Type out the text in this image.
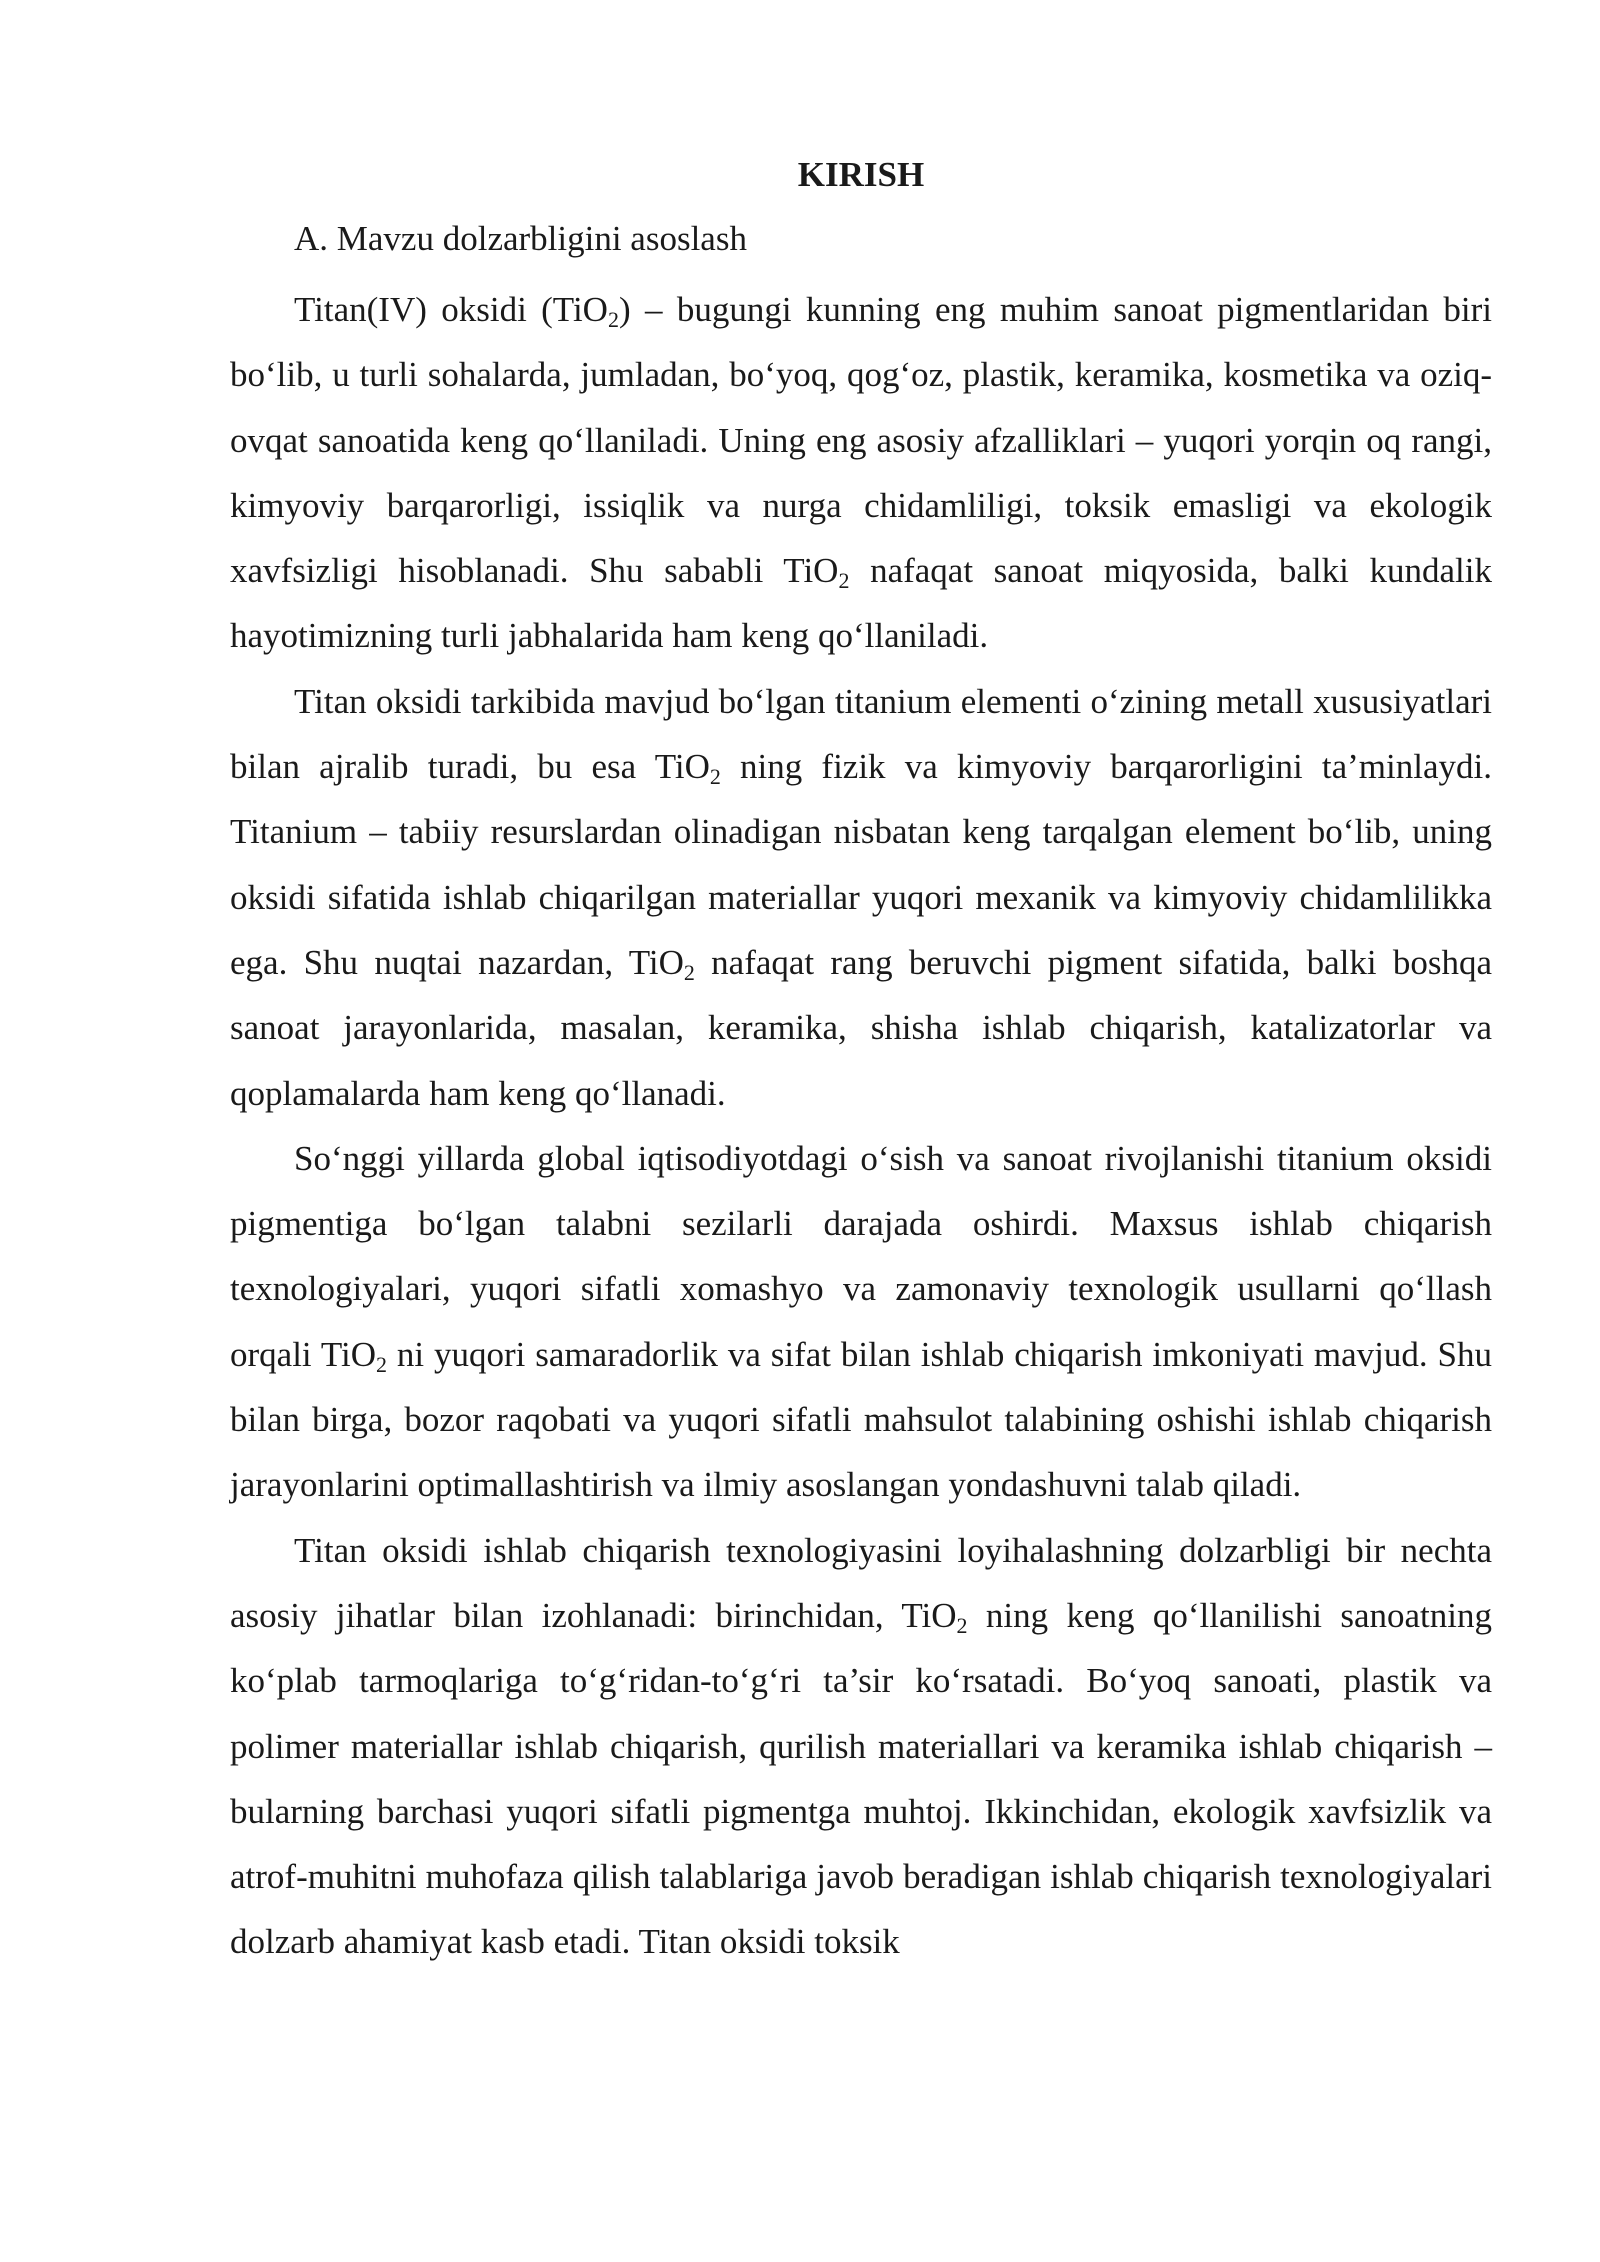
KIRISH
A. Mavzu dolzarbligini asoslash

Titan(IV) oksidi (TiO$_2$) – bugungi kunning eng muhim sanoat pigmentlaridan biri bo‘lib, u turli sohalarda, jumladan, bo‘yoq, qog‘oz, plastik, keramika, kosmetika va oziq-ovqat sanoatida keng qo‘llaniladi. Uning eng asosiy afzalliklari – yuqori yorqin oq rangi, kimyoviy barqarorligi, issiqlik va nurga chidamliligi, toksik emasligi va ekologik xavfsizligi hisoblanadi. Shu sababli TiO$_2$ nafaqat sanoat miqyosida, balki kundalik hayotimizning turli jabhalarida ham keng qo‘llaniladi.

Titan oksidi tarkibida mavjud bo‘lgan titanium elementi o‘zining metall xususiyatlari bilan ajralib turadi, bu esa TiO$_2$ ning fizik va kimyoviy barqarorligini ta’minlaydi. Titanium – tabiiy resurslardan olinadigan nisbatan keng tarqalgan element bo‘lib, uning oksidi sifatida ishlab chiqarilgan materiallar yuqori mexanik va kimyoviy chidamlilikka ega. Shu nuqtai nazardan, TiO$_2$ nafaqat rang beruvchi pigment sifatida, balki boshqa sanoat jarayonlarida, masalan, keramika, shisha ishlab chiqarish, katalizatorlar va qoplamalarda ham keng qo‘llanadi.

So‘nggi yillarda global iqtisodiyotdagi o‘sish va sanoat rivojlanishi titanium oksidi pigmentiga bo‘lgan talabni sezilarli darajada oshirdi. Maxsus ishlab chiqarish texnologiyalari, yuqori sifatli xomashyo va zamonaviy texnologik usullarni qo‘llash orqali TiO$_2$ ni yuqori samaradorlik va sifat bilan ishlab chiqarish imkoniyati mavjud. Shu bilan birga, bozor raqobati va yuqori sifatli mahsulot talabining oshishi ishlab chiqarish jarayonlarini optimallashtirish va ilmiy asoslangan yondashuvni talab qiladi.

Titan oksidi ishlab chiqarish texnologiyasini loyihalashning dolzarbligi bir nechta asosiy jihatlar bilan izohlanadi: birinchidan, TiO$_2$ ning keng qo‘llanilishi sanoatning ko‘plab tarmoqlariga to‘g‘ridan-to‘g‘ri ta’sir ko‘rsatadi. Bo‘yoq sanoati, plastik va polimer materiallar ishlab chiqarish, qurilish materiallari va keramika ishlab chiqarish – bularning barchasi yuqori sifatli pigmentga muhtoj. Ikkinchidan, ekologik xavfsizlik va atrof-muhitni muhofaza qilish talablariga javob beradigan ishlab chiqarish texnologiyalari dolzarb ahamiyat kasb etadi. Titan oksidi toksik
